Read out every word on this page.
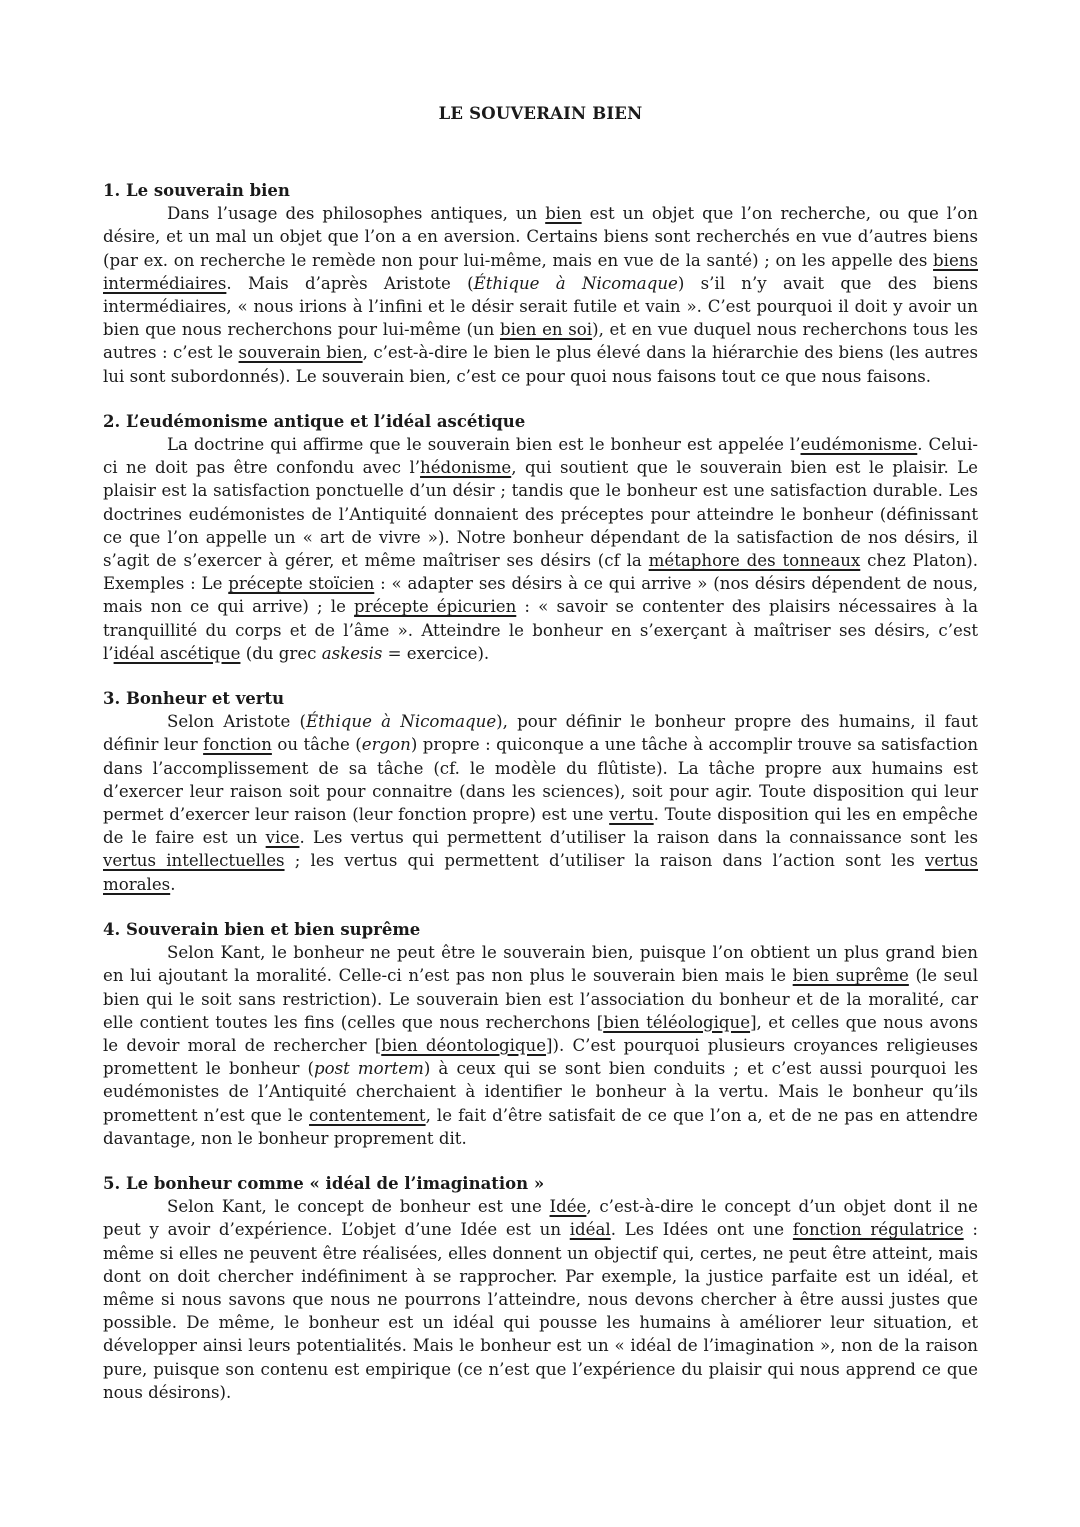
LE SOUVERAIN BIEN
1. Le souverain bien

Dans l’usage des philosophes antiques, un bien est un objet que l’on recherche, ou que l’on désire, et un mal un objet que l’on a en aversion. Certains biens sont recherchés en vue d’autres biens (par ex. on recherche le remède non pour lui-même, mais en vue de la santé) ; on les appelle des biens intermédiaires. Mais d’après Aristote (Éthique à Nicomaque) s’il n’y avait que des biens intermédiaires, « nous irions à l’infini et le désir serait futile et vain ». C’est pourquoi il doit y avoir un bien que nous recherchons pour lui-même (un bien en soi), et en vue duquel nous recherchons tous les autres : c’est le souverain bien, c’est-à-dire le bien le plus élevé dans la hiérarchie des biens (les autres lui sont subordonnés). Le souverain bien, c’est ce pour quoi nous faisons tout ce que nous faisons.

2. L’eudémonisme antique et l’idéal ascétique

La doctrine qui affirme que le souverain bien est le bonheur est appelée l’eudémonisme. Celui-ci ne doit pas être confondu avec l’hédonisme, qui soutient que le souverain bien est le plaisir. Le plaisir est la satisfaction ponctuelle d’un désir ; tandis que le bonheur est une satisfaction durable. Les doctrines eudémonistes de l’Antiquité donnaient des préceptes pour atteindre le bonheur (définissant ce que l’on appelle un « art de vivre »). Notre bonheur dépendant de la satisfaction de nos désirs, il s’agit de s’exercer à gérer, et même maîtriser ses désirs (cf la métaphore des tonneaux chez Platon). Exemples : Le précepte stoïcien : « adapter ses désirs à ce qui arrive » (nos désirs dépendent de nous, mais non ce qui arrive) ; le précepte épicurien : « savoir se contenter des plaisirs nécessaires à la tranquillité du corps et de l’âme ». Atteindre le bonheur en s’exerçant à maîtriser ses désirs, c’est l’idéal ascétique (du grec askesis = exercice).

3. Bonheur et vertu

Selon Aristote (Éthique à Nicomaque), pour définir le bonheur propre des humains, il faut définir leur fonction ou tâche (ergon) propre : quiconque a une tâche à accomplir trouve sa satisfaction dans l’accomplissement de sa tâche (cf. le modèle du flûtiste). La tâche propre aux humains est d’exercer leur raison soit pour connaitre (dans les sciences), soit pour agir. Toute disposition qui leur permet d’exercer leur raison (leur fonction propre) est une vertu. Toute disposition qui les en empêche de le faire est un vice. Les vertus qui permettent d’utiliser la raison dans la connaissance sont les vertus intellectuelles ; les vertus qui permettent d’utiliser la raison dans l’action sont les vertus morales.

4. Souverain bien et bien suprême

Selon Kant, le bonheur ne peut être le souverain bien, puisque l’on obtient un plus grand bien en lui ajoutant la moralité. Celle-ci n’est pas non plus le souverain bien mais le bien suprême (le seul bien qui le soit sans restriction). Le souverain bien est l’association du bonheur et de la moralité, car elle contient toutes les fins (celles que nous recherchons [bien téléologique], et celles que nous avons le devoir moral de rechercher [bien déontologique]). C’est pourquoi plusieurs croyances religieuses promettent le bonheur (post mortem) à ceux qui se sont bien conduits ; et c’est aussi pourquoi les eudémonistes de l’Antiquité cherchaient à identifier le bonheur à la vertu. Mais le bonheur qu’ils promettent n’est que le contentement, le fait d’être satisfait de ce que l’on a, et de ne pas en attendre davantage, non le bonheur proprement dit.

5. Le bonheur comme « idéal de l’imagination »

Selon Kant, le concept de bonheur est une Idée, c’est-à-dire le concept d’un objet dont il ne peut y avoir d’expérience. L’objet d’une Idée est un idéal. Les Idées ont une fonction régulatrice : même si elles ne peuvent être réalisées, elles donnent un objectif qui, certes, ne peut être atteint, mais dont on doit chercher indéfiniment à se rapprocher. Par exemple, la justice parfaite est un idéal, et même si nous savons que nous ne pourrons l’atteindre, nous devons chercher à être aussi justes que possible. De même, le bonheur est un idéal qui pousse les humains à améliorer leur situation, et développer ainsi leurs potentialités. Mais le bonheur est un « idéal de l’imagination », non de la raison pure, puisque son contenu est empirique (ce n’est que l’expérience du plaisir qui nous apprend ce que nous désirons).
